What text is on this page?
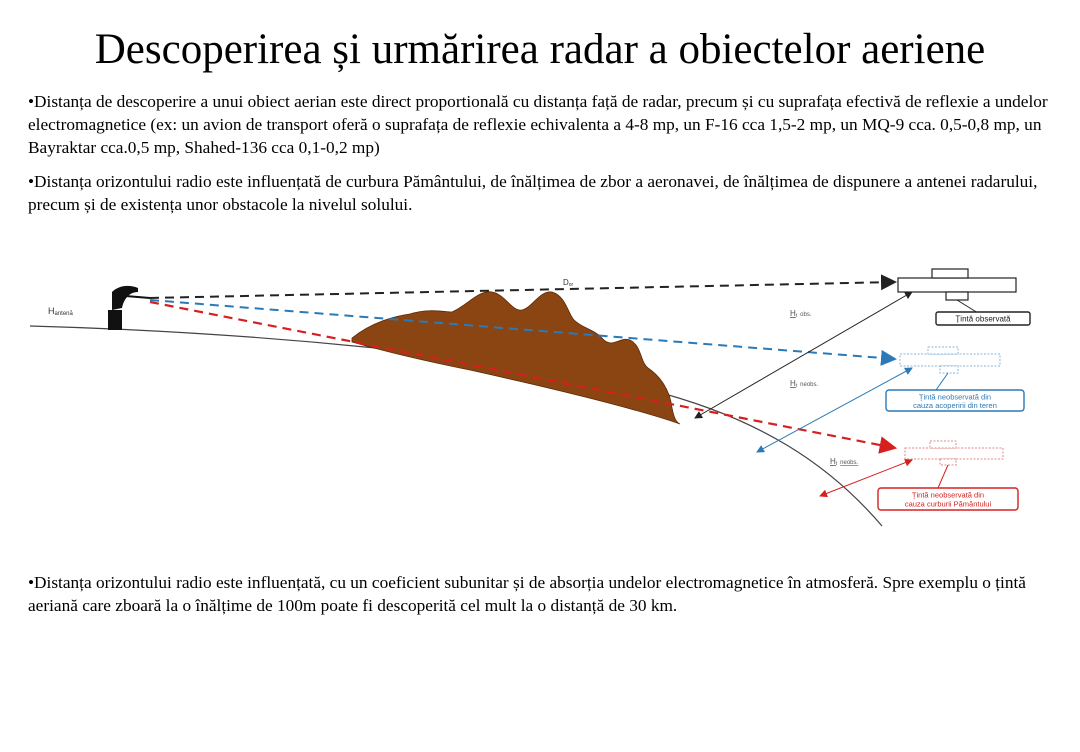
Descoperirea și urmărirea radar a obiectelor aeriene

•Distanța de descoperire a unui obiect aerian este direct proportională cu distanța față de radar, precum și cu suprafața efectivă de reflexie a undelor electromagnetice (ex: un avion de transport oferă o suprafața de reflexie echivalenta a 4-8 mp, un F-16 cca 1,5-2 mp, un MQ-9 cca. 0,5-0,8 mp, un Bayraktar cca.0,5 mp, Shahed-136 cca 0,1-0,2 mp)

•Distanța orizontului radio este influențată de curbura Pământului, de înălțimea de zbor a aeronavei, de înălțimea de dispunere a antenei radarului, precum și de existența unor obstacole la nivelul solului.

Hantenă
Dor
Ht obs.
Ht neobs.
Ht neobs.
Țintă observată
Țintă neobservată din
cauza acoperirii din teren
Țintă neobservată din
cauza curburii Pământului

•Distanța orizontului radio este influențată, cu un coeficient subunitar și de absorția undelor electromagnetice în atmosferă. Spre exemplu o țintă aeriană care zboară la o înălțime de 100m poate fi descoperită cel mult la o distanță de 30 km.
